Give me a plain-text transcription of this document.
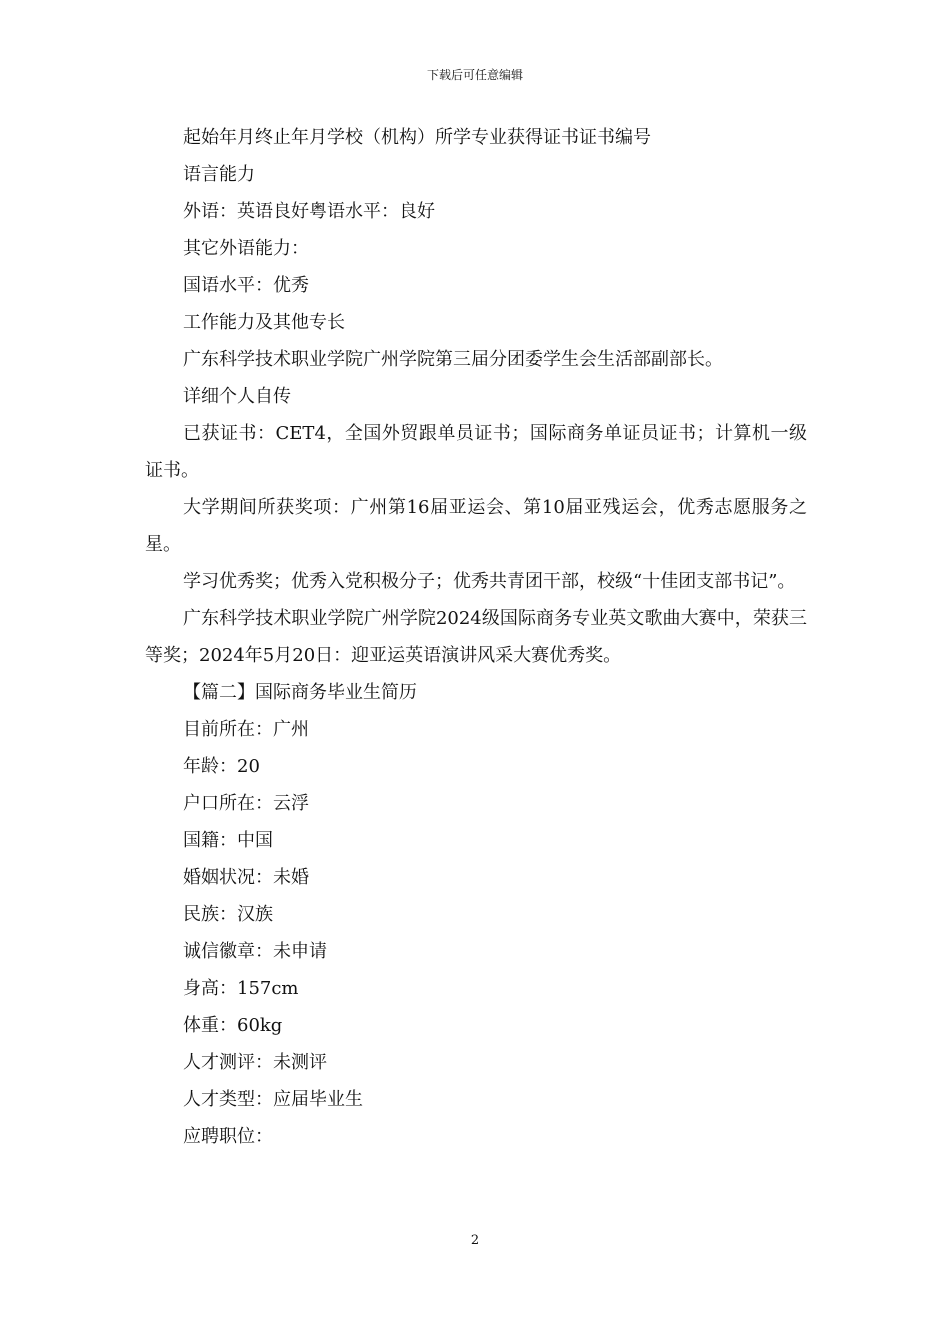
下载后可任意编辑

起始年月终止年月学校（机构）所学专业获得证书证书编号

语言能力

外语：英语良好粤语水平：良好

其它外语能力：

国语水平：优秀

工作能力及其他专长

广东科学技术职业学院广州学院第三届分团委学生会生活部副部长。

详细个人自传

已获证书：CET4，全国外贸跟单员证书；国际商务单证员证书；计算机一级证书。

大学期间所获奖项：广州第16届亚运会、第10届亚残运会，优秀志愿服务之星。

学习优秀奖；优秀入党积极分子；优秀共青团干部，校级“十佳团支部书记”。

广东科学技术职业学院广州学院2024级国际商务专业英文歌曲大赛中，荣获三等奖；2024年5月20日：迎亚运英语演讲风采大赛优秀奖。

【篇二】国际商务毕业生简历

目前所在：广州

年龄：20

户口所在：云浮

国籍：中国

婚姻状况：未婚

民族：汉族

诚信徽章：未申请

身高：157cm

体重：60kg

人才测评：未测评

人才类型：应届毕业生

应聘职位：

2
